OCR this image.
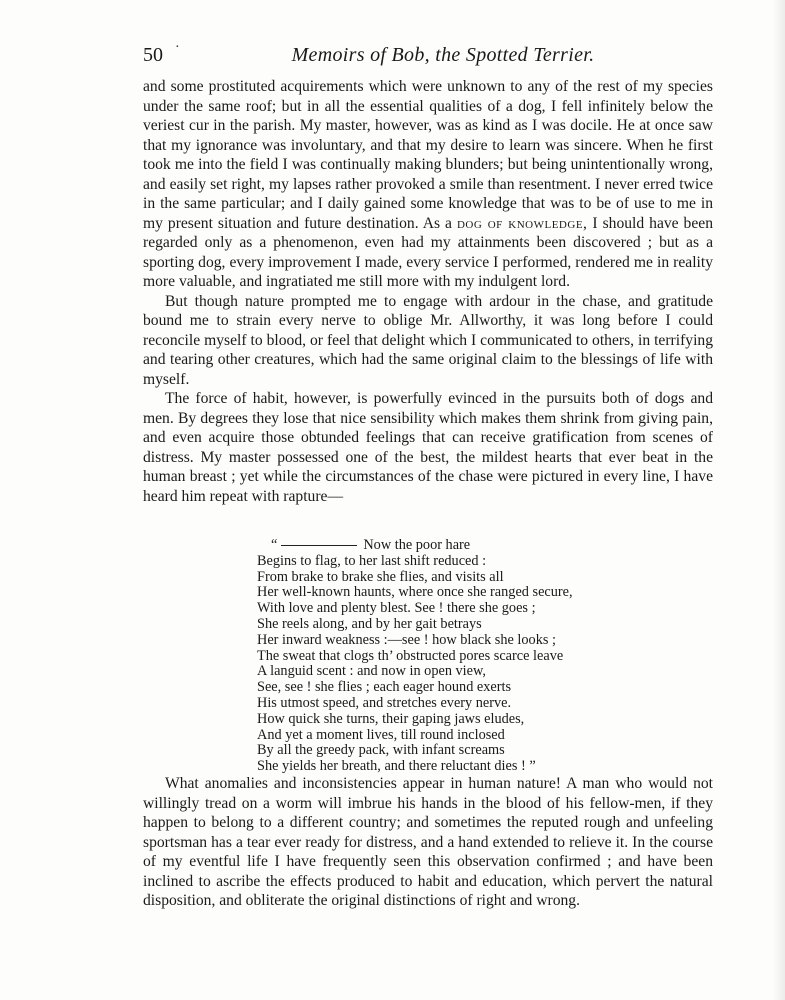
50 ·	Memoirs of Bob, the Spotted Terrier.

and some prostituted acquirements which were unknown to any of the rest of my species under the same roof; but in all the essential qualities of a dog, I fell infinitely below the veriest cur in the parish. My master, however, was as kind as I was docile. He at once saw that my ignorance was involuntary, and that my desire to learn was sincere. When he first took me into the field I was continually making blunders; but being unintentionally wrong, and easily set right, my lapses rather provoked a smile than resentment. I never erred twice in the same particular; and I daily gained some knowledge that was to be of use to me in my present situation and future destination. As a dog of knowledge, I should have been regarded only as a phenomenon, even had my attainments been discovered ; but as a sporting dog, every improvement I made, every service I performed, rendered me in reality more valuable, and ingratiated me still more with my indulgent lord.

But though nature prompted me to engage with ardour in the chase, and gratitude bound me to strain every nerve to oblige Mr. Allworthy, it was long before I could reconcile myself to blood, or feel that delight which I communicated to others, in terrifying and tearing other creatures, which had the same original claim to the blessings of life with myself.

The force of habit, however, is powerfully evinced in the pursuits both of dogs and men. By degrees they lose that nice sensibility which makes them shrink from giving pain, and even acquire those obtunded feelings that can receive gratification from scenes of distress. My master possessed one of the best, the mildest hearts that ever beat in the human breast ; yet while the circumstances of the chase were pictured in every line, I have heard him repeat with rapture—

“	Now the poor hare
Begins to flag, to her last shift reduced :
From brake to brake she flies, and visits all
Her well-known haunts, where once she ranged secure,
With love and plenty blest. See ! there she goes ;
She reels along, and by her gait betrays
Her inward weakness :—see ! how black she looks ;
The sweat that clogs th’ obstructed pores scarce leave
A languid scent : and now in open view,
See, see ! she flies ; each eager hound exerts
His utmost speed, and stretches every nerve.
How quick she turns, their gaping jaws eludes,
And yet a moment lives, till round inclosed
By all the greedy pack, with infant screams
She yields her breath, and there reluctant dies ! ”

What anomalies and inconsistencies appear in human nature! A man who would not willingly tread on a worm will imbrue his hands in the blood of his fellow-men, if they happen to belong to a different country; and sometimes the reputed rough and unfeeling sportsman has a tear ever ready for distress, and a hand extended to relieve it. In the course of my eventful life I have frequently seen this observation confirmed ; and have been inclined to ascribe the effects produced to habit and education, which pervert the natural disposition, and obliterate the original distinctions of right and wrong.
